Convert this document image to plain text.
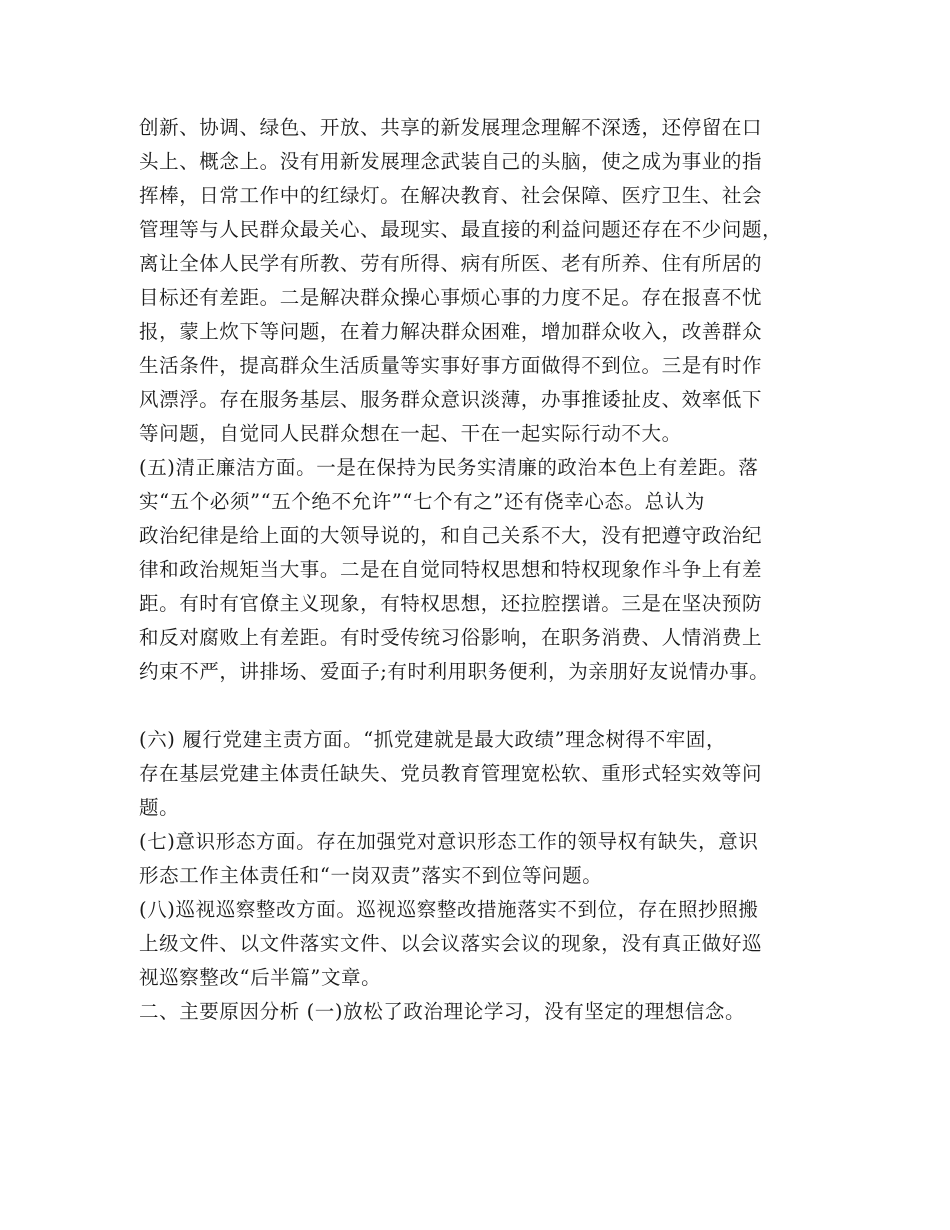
创新、协调、绿色、开放、共享的新发展理念理解不深透，还停留在口
头上、概念上。没有用新发展理念武装自己的头脑，使之成为事业的指
挥棒，日常工作中的红绿灯。在解决教育、社会保障、医疗卫生、社会
管理等与人民群众最关心、最现实、最直接的利益问题还存在不少问题，
离让全体人民学有所教、劳有所得、病有所医、老有所养、住有所居的
目标还有差距。二是解决群众操心事烦心事的力度不足。存在报喜不忧
报，蒙上炊下等问题，在着力解决群众困难，增加群众收入，改善群众
生活条件，提高群众生活质量等实事好事方面做得不到位。三是有时作
风漂浮。存在服务基层、服务群众意识淡薄，办事推诿扯皮、效率低下
等问题，自觉同人民群众想在一起、干在一起实际行动不大。
(五)清正廉洁方面。一是在保持为民务实清廉的政治本色上有差距。落
实“五个必须”“五个绝不允许”“七个有之”还有侥幸心态。总认为
政治纪律是给上面的大领导说的，和自己关系不大，没有把遵守政治纪
律和政治规矩当大事。二是在自觉同特权思想和特权现象作斗争上有差
距。有时有官僚主义现象，有特权思想，还拉腔摆谱。三是在坚决预防
和反对腐败上有差距。有时受传统习俗影响，在职务消费、人情消费上
约束不严，讲排场、爱面子;有时利用职务便利，为亲朋好友说情办事。
(六) 履行党建主责方面。“抓党建就是最大政绩”理念树得不牢固，
存在基层党建主体责任缺失、党员教育管理宽松软、重形式轻实效等问
题。
(七)意识形态方面。存在加强党对意识形态工作的领导权有缺失，意识
形态工作主体责任和“一岗双责”落实不到位等问题。
(八)巡视巡察整改方面。巡视巡察整改措施落实不到位，存在照抄照搬
上级文件、以文件落实文件、以会议落实会议的现象，没有真正做好巡
视巡察整改“后半篇”文章。
二、主要原因分析 (一)放松了政治理论学习，没有坚定的理想信念。
